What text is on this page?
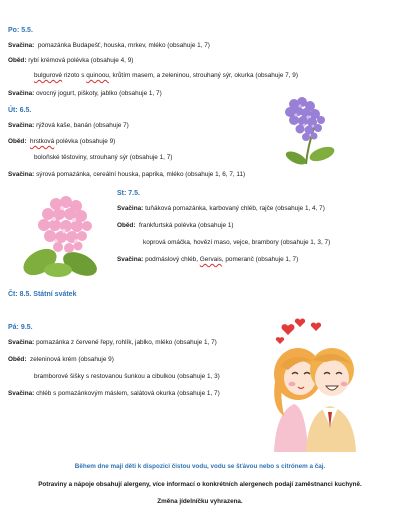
Po: 5.5.
Svačina: pomazánka Budapešť, houska, mrkev, mléko (obsahuje 1, 7)
Oběd: rybí krémová polévka (obsahuje 4, 9)
bulgurové rizoto s quinoou, krůtím masem, a zeleninou, strouhaný sýr, okurka (obsahuje 7, 9)
Svačina: ovocný jogurt, piškoty, jablko (obsahuje 1, 7)
Út: 6.5.
Svačina: rýžová kaše, banán (obsahuje 7)
Oběd: hrstková polévka (obsahuje 9)
boloňské těstoviny, strouhaný sýr (obsahuje 1, 7)
Svačina: sýrová pomazánka, cereální houska, paprika, mléko (obsahuje 1, 6, 7, 11)
St: 7.5.
Svačina: tuňáková pomazánka, karbovaný chléb, rajče (obsahuje 1, 4, 7)
Oběd: frankfurtská polévka (obsahuje 1)
koprová omáčka, hovězí maso, vejce, brambory (obsahuje 1, 3, 7)
Svačina: podmáslový chléb, Gervais, pomeranč (obsahuje 1, 7)
Čt: 8.5. Státní svátek
Pá: 9.5.
Svačina: pomazánka z červené řepy, rohlík, jablko, mléko (obsahuje 1, 7)
Oběd: zeleninová krém (obsahuje 9)
bramborové šišky s restovanou šunkou a cibulkou (obsahuje 1, 3)
Svačina: chléb s pomazánkovým máslem, salátová okurka (obsahuje 1, 7)
Během dne mají děti k dispozici čistou vodu, vodu se šťávou nebo s citrónem a čaj.
Potraviny a nápoje obsahují alergeny, více informací o konkrétních alergenech podají zaměstnanci kuchyně.
Změna jídelníčku vyhrazena.
